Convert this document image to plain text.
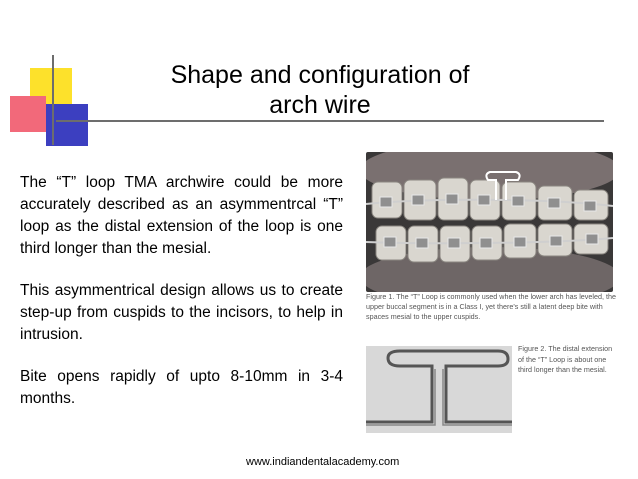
Shape and configuration of
arch wire

The “T” loop TMA archwire could be more accurately described as an asymmentrcal “T” loop as the distal extension of the loop is one third longer than the mesial.

This asymmentrical design allows us to create step-up from cuspids to the incisors, to help in intrusion.

Bite opens rapidly of upto 8-10mm in 3-4 months.

Figure 1. The “T” Loop is commonly used when the lower arch has leveled, the upper buccal segment is in a Class I, yet there's still a latent deep bite with spaces mesial to the upper cuspids.
Figure 2. The distal extension of the “T” Loop is about one third longer than the mesial.
www.indiandentalacademy.com
